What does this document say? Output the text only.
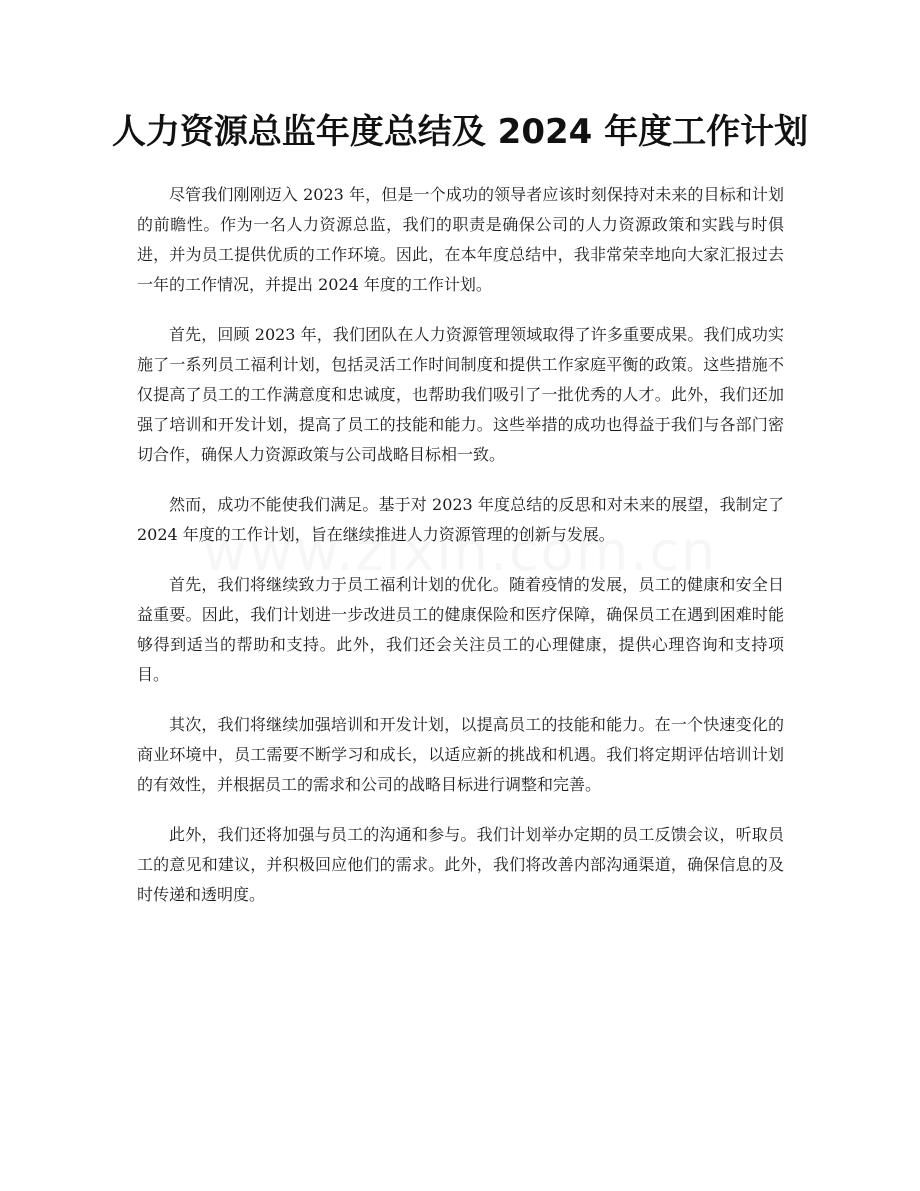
人力资源总监年度总结及 2024 年度工作计划

尽管我们刚刚迈入 2023 年，但是一个成功的领导者应该时刻保持对未来的目标和计划的前瞻性。作为一名人力资源总监，我们的职责是确保公司的人力资源政策和实践与时俱进，并为员工提供优质的工作环境。因此，在本年度总结中，我非常荣幸地向大家汇报过去一年的工作情况，并提出 2024 年度的工作计划。

首先，回顾 2023 年，我们团队在人力资源管理领域取得了许多重要成果。我们成功实施了一系列员工福利计划，包括灵活工作时间制度和提供工作家庭平衡的政策。这些措施不仅提高了员工的工作满意度和忠诚度，也帮助我们吸引了一批优秀的人才。此外，我们还加强了培训和开发计划，提高了员工的技能和能力。这些举措的成功也得益于我们与各部门密切合作，确保人力资源政策与公司战略目标相一致。

然而，成功不能使我们满足。基于对 2023 年度总结的反思和对未来的展望，我制定了 2024 年度的工作计划，旨在继续推进人力资源管理的创新与发展。

首先，我们将继续致力于员工福利计划的优化。随着疫情的发展，员工的健康和安全日益重要。因此，我们计划进一步改进员工的健康保险和医疗保障，确保员工在遇到困难时能够得到适当的帮助和支持。此外，我们还会关注员工的心理健康，提供心理咨询和支持项目。

其次，我们将继续加强培训和开发计划，以提高员工的技能和能力。在一个快速变化的商业环境中，员工需要不断学习和成长，以适应新的挑战和机遇。我们将定期评估培训计划的有效性，并根据员工的需求和公司的战略目标进行调整和完善。

此外，我们还将加强与员工的沟通和参与。我们计划举办定期的员工反馈会议，听取员工的意见和建议，并积极回应他们的需求。此外，我们将改善内部沟通渠道，确保信息的及时传递和透明度。
